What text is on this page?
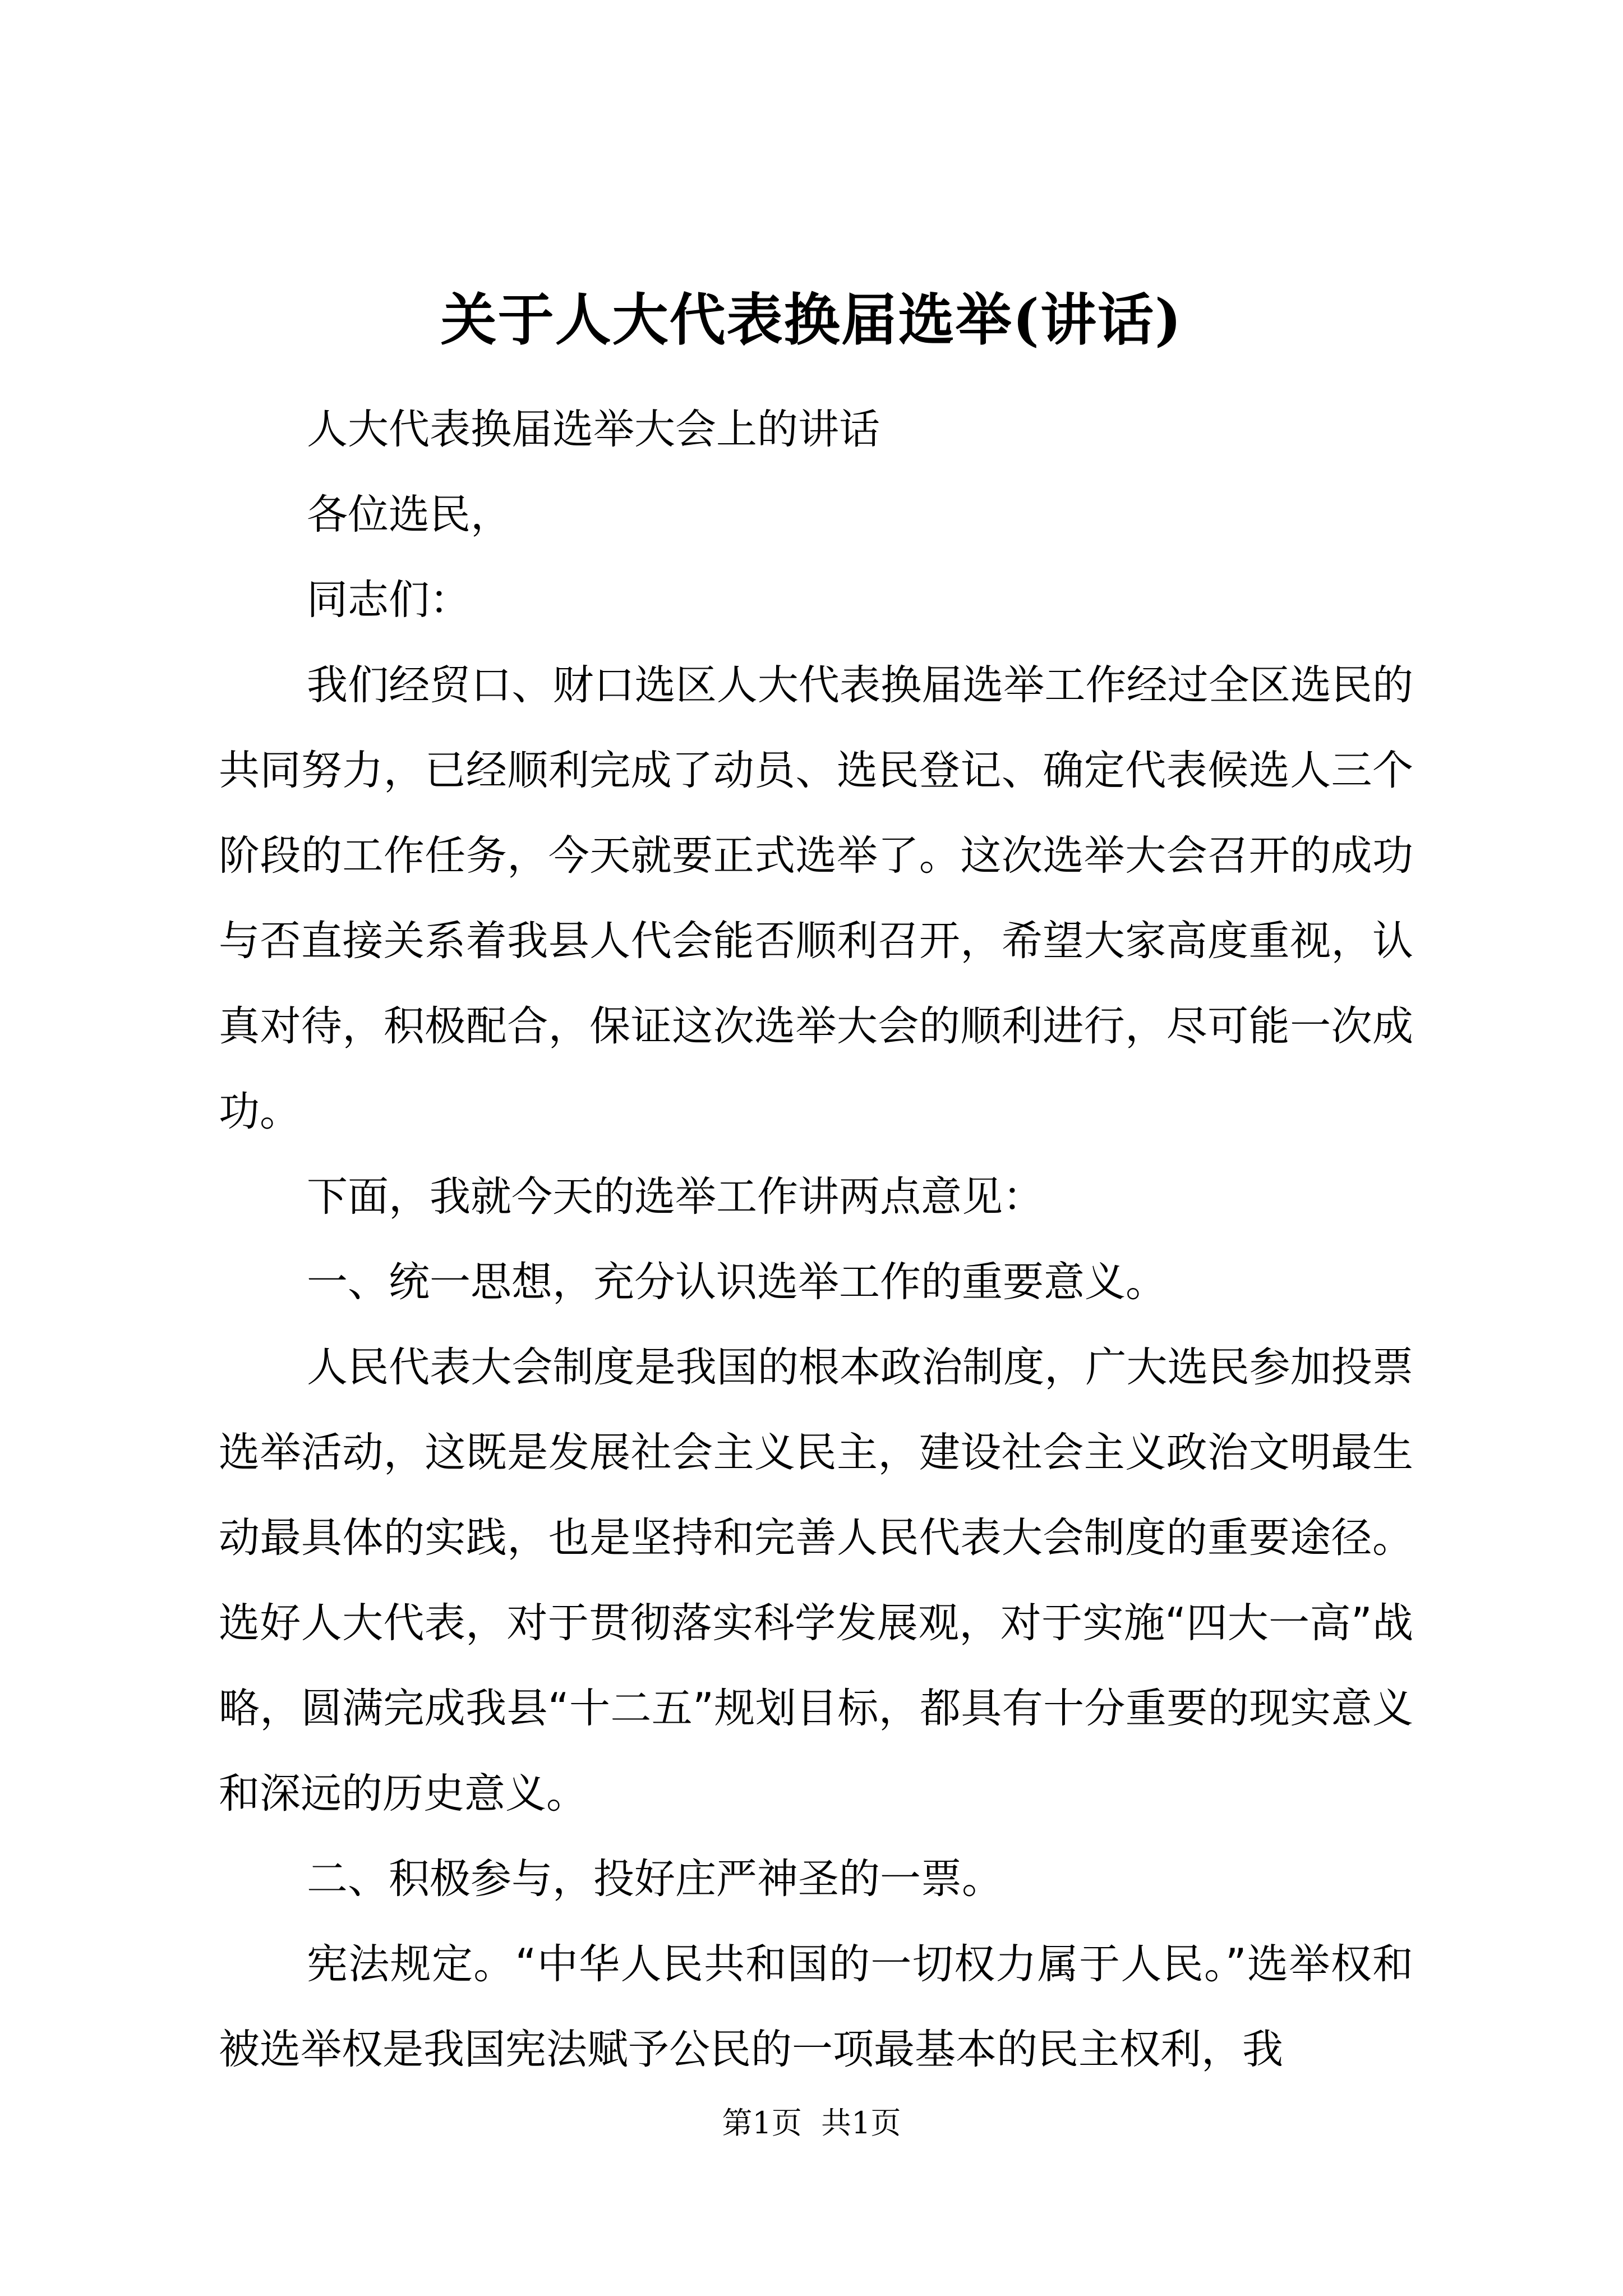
关于人大代表换届选举(讲话)

人大代表换届选举大会上的讲话

各位选民，

同志们：

我们经贸口、财口选区人大代表换届选举工作经过全区选民的共同努力，已经顺利完成了动员、选民登记、确定代表候选人三个阶段的工作任务，今天就要正式选举了。这次选举大会召开的成功与否直接关系着我县人代会能否顺利召开，希望大家高度重视，认真对待，积极配合，保证这次选举大会的顺利进行，尽可能一次成功。

下面，我就今天的选举工作讲两点意见：

一、统一思想，充分认识选举工作的重要意义。

人民代表大会制度是我国的根本政治制度，广大选民参加投票选举活动，这既是发展社会主义民主，建设社会主义政治文明最生动最具体的实践，也是坚持和完善人民代表大会制度的重要途径。选好人大代表，对于贯彻落实科学发展观，对于实施“四大一高”战略，圆满完成我县“十二五”规划目标，都具有十分重要的现实意义和深远的历史意义。

二、积极参与，投好庄严神圣的一票。

宪法规定。“中华人民共和国的一切权力属于人民。”选举权和被选举权是我国宪法赋予公民的一项最基本的民主权利，我

第1页  共1页
